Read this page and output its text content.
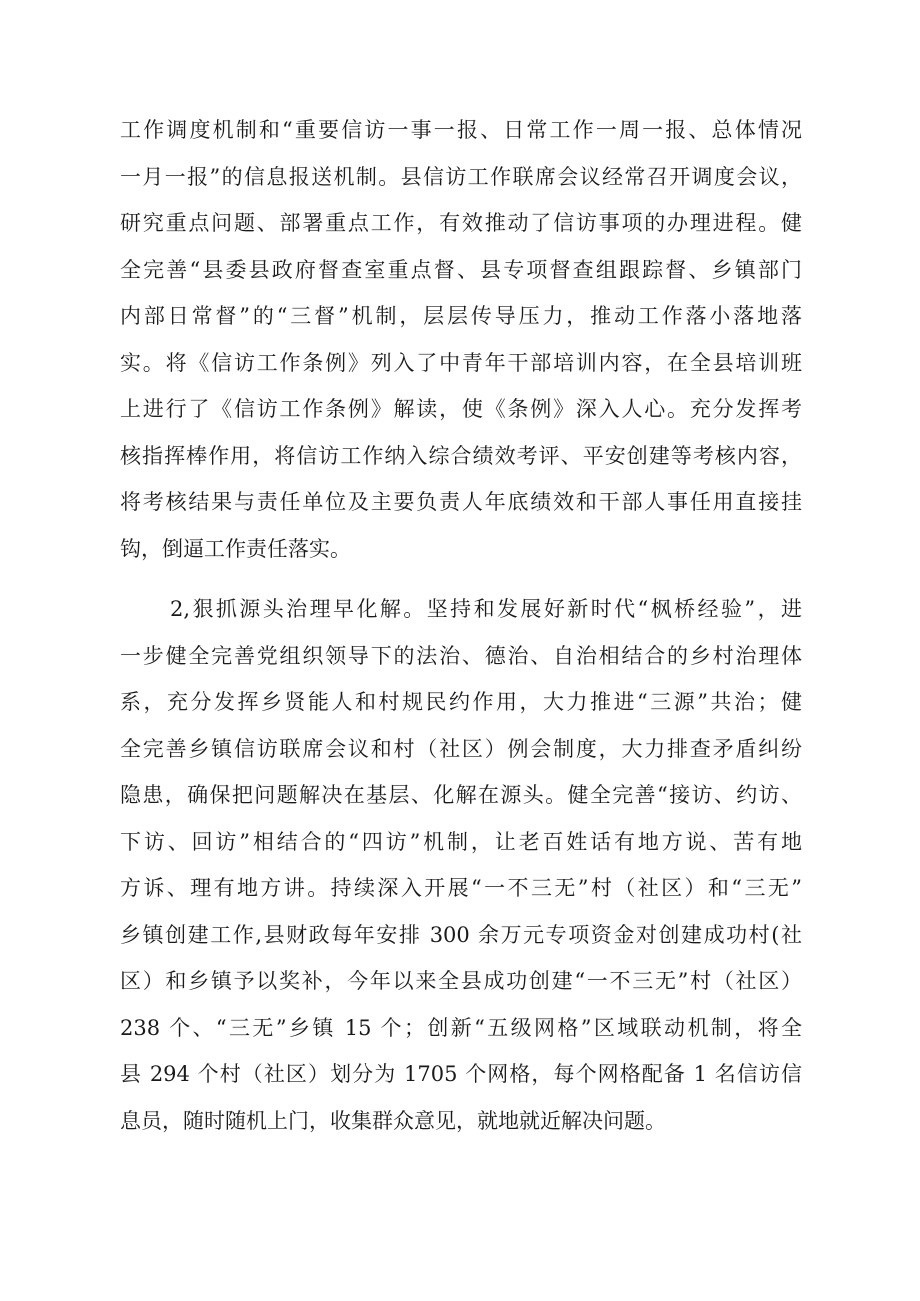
工作调度机制和“重要信访一事一报、日常工作一周一报、总体情况
一月一报”的信息报送机制。县信访工作联席会议经常召开调度会议，
研究重点问题、部署重点工作，有效推动了信访事项的办理进程。健
全完善“县委县政府督查室重点督、县专项督查组跟踪督、乡镇部门
内部日常督”的“三督”机制，层层传导压力，推动工作落小落地落
实。将《信访工作条例》列入了中青年干部培训内容，在全县培训班
上进行了《信访工作条例》解读，使《条例》深入人心。充分发挥考
核指挥棒作用，将信访工作纳入综合绩效考评、平安创建等考核内容，
将考核结果与责任单位及主要负责人年底绩效和干部人事任用直接挂
钩，倒逼工作责任落实。
2,狠抓源头治理早化解。坚持和发展好新时代“枫桥经验”，进
一步健全完善党组织领导下的法治、德治、自治相结合的乡村治理体
系，充分发挥乡贤能人和村规民约作用，大力推进“三源”共治；健
全完善乡镇信访联席会议和村（社区）例会制度，大力排查矛盾纠纷
隐患，确保把问题解决在基层、化解在源头。健全完善“接访、约访、
下访、回访”相结合的“四访”机制，让老百姓话有地方说、苦有地
方诉、理有地方讲。持续深入开展“一不三无”村（社区）和“三无”
乡镇创建工作,县财政每年安排 300 余万元专项资金对创建成功村(社
区）和乡镇予以奖补，今年以来全县成功创建“一不三无”村（社区）
238 个、“三无”乡镇 15 个；创新“五级网格”区域联动机制，将全
县 294 个村（社区）划分为 1705 个网格，每个网格配备 1 名信访信
息员，随时随机上门，收集群众意见，就地就近解决问题。
